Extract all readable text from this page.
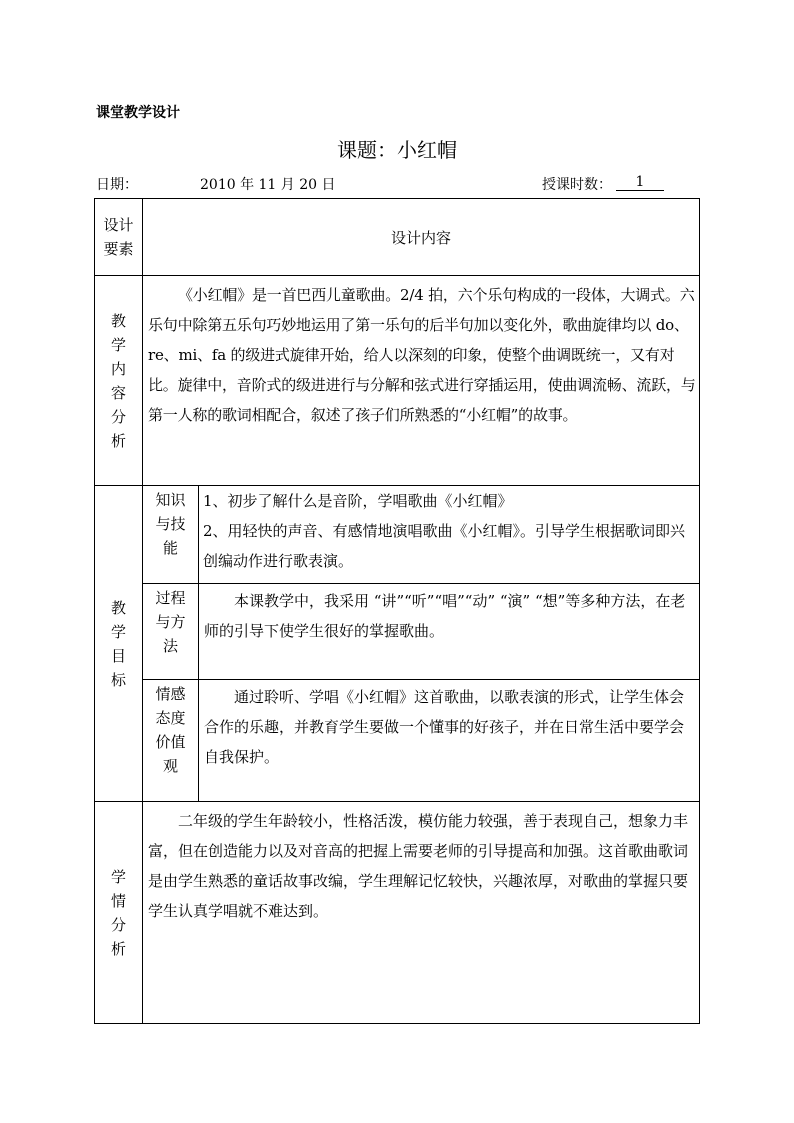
课堂教学设计
课题：小红帽
日期：	2010 年 11 月 20 日	授课时数：	1
设计要素	设计内容	
教学内容分析	《小红帽》是一首巴西儿童歌曲。2/4 拍，六个乐句构成的一段体，大调式。六乐句中除第五乐句巧妙地运用了第一乐句的后半句加以变化外，歌曲旋律均以 do、re、mi、fa 的级进式旋律开始，给人以深刻的印象，使整个曲调既统一，又有对比。旋律中，音阶式的级进进行与分解和弦式进行穿插运用，使曲调流畅、流跃，与第一人称的歌词相配合，叙述了孩子们所熟悉的“小红帽”的故事。	
教学目标	知识与技能	1、初步了解什么是音阶，学唱歌曲《小红帽》

2、用轻快的声音、有感情地演唱歌曲《小红帽》。引导学生根据歌词即兴创编动作进行歌表演。

	过程与方法	本课教学中，我采用 “讲”“听”“唱”“动” “演” “想”等多种方法，在老师的引导下使学生很好的掌握歌曲。
	情感态度价值观	通过聆听、学唱《小红帽》这首歌曲，以歌表演的形式，让学生体会合作的乐趣，并教育学生要做一个懂事的好孩子，并在日常生活中要学会自我保护。
学情分析	二年级的学生年龄较小，性格活泼，模仿能力较强，善于表现自己，想象力丰富，但在创造能力以及对音高的把握上需要老师的引导提高和加强。这首歌曲歌词是由学生熟悉的童话故事改编，学生理解记忆较快，兴趣浓厚，对歌曲的掌握只要学生认真学唱就不难达到。	
